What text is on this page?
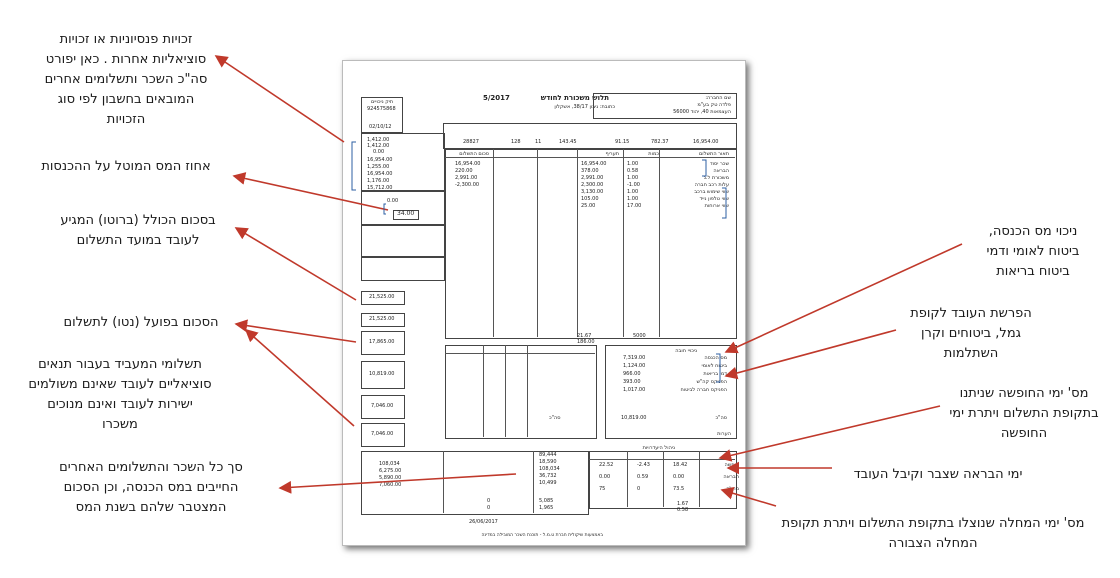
זכויות פנסיוניות או זכויות
סוציאליות אחרות . כאן יפורט
סה"כ השכר ותשלומים אחרים
המובאים בחשבון לפי סוג
הזכויות
אחוז המס המוטל על ההכנסות
בסכום הכולל (ברוטו) המגיע
לעובד במועד התשלום
הסכום בפועל (נטו) לתשלום
תשלומי המעביד בעבור תנאים
סוציאליים לעובד שאינם משולמים
ישירות לעובד ואינם מנוכים
משכרו
סך כל השכר והתשלומים האחרים
החייבים במס הכנסה, וכן הסכום
המצטבר שלהם בשנת המס
ניכוי מס הכנסה,
ביטוח לאומי ודמי
ביטוח בריאות
הפרשת העובד לקופת
גמל, ביטוחים וקרן
השתלמות
מס' ימי החופשה שניתנו
בתקופת התשלום ויתרת ימי
החופשה
ימי הבראה שצבר וקיבל העובד
מס' ימי המחלה שנוצלו בתקופת התשלום ויתרת תקופת
המחלה הצבורה
תלוש משכורת לחודש
5/2017
כתובת: ניבון 38/17, אשקלון
שם החברה:
פלדה טק בע"מ
העצמאות 40, יהוד 56000
תיק ניכויים
924575868
02/10/12
16,954.00
782.37
91.15
143.45
11
128
28827
1,412.00
1,412.00
0.00
16,954.00
1,255.00
16,954.00
1,176.00
15,712.00
0.00
34.00
תאור התשלום
כמות
תעריף
סכום התשלום
שכר יסוד
1.00
16,954.00
16,954.00
הבראה
0.58
378.00
220.00
משכורת ל.ג
1.00
2,991.00
2,991.00
עלות רכב חברה
-1.00
2,300.00
-2,300.00
שווי שימוש ברכב
1.00
3,130.00
שווי טלפון נייד
1.00
105.00
שווי ארוחות
17.00
25.00
21,525.00
21,525.00
17,865.00
10,819.00
7,046.00
7,046.00
21.67
186.00
5000
סה"כ
ניכויי חובה
מס הכנסה
7,319.00
ביטוח לאומי
1,124.00
דמי בריאות
966.00
הפניקס קה"ש
393.00
הפניקס חברה לביטוח
1,017.00
10,819.00	סה"כ
הערות
ניהול היעדרויות
חופשה
18.42
-2.43
22.52
הבראה
0.00
0.59
0.00
מחלה
73.5
0
75
1.67
0.58
108,034
6,275.00
5,890.00
7,060.00
89,444
18,590
108,034
36,732
10,499
5,085
1,965
0
0
26/06/2017
באמצעות שיקולית חברת ט.מ.ל - תוכנת השכר המובילה במדינה
